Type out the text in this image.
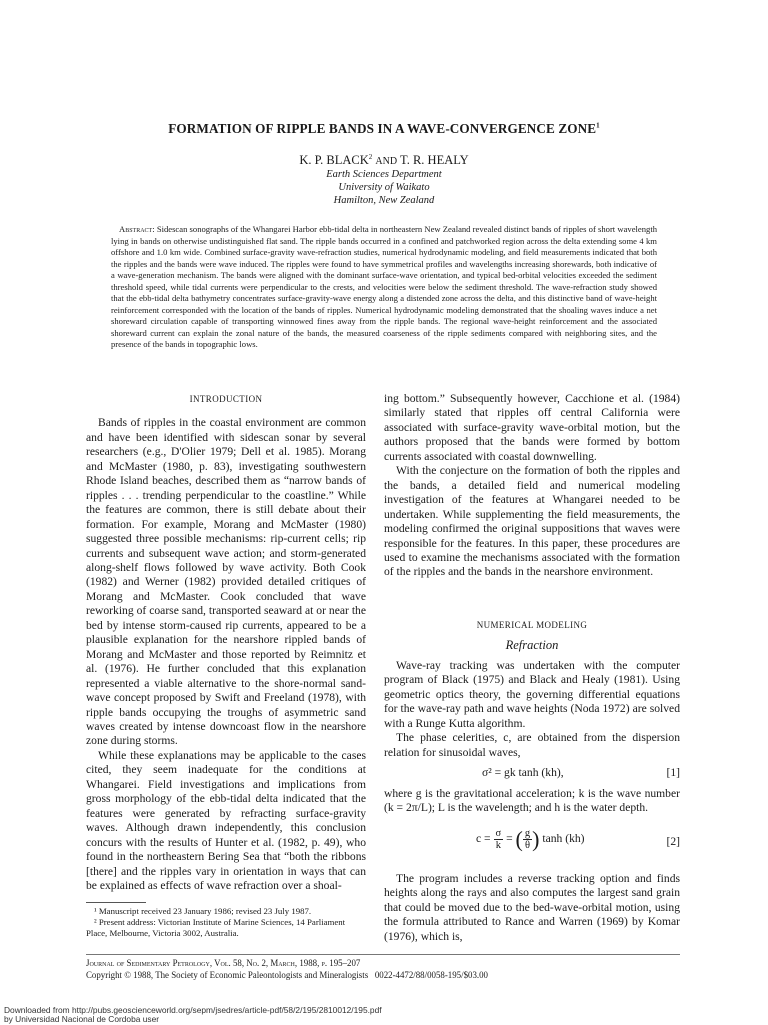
FORMATION OF RIPPLE BANDS IN A WAVE-CONVERGENCE ZONE$^1$
K. P. BLACK$^2$ AND T. R. HEALY
Earth Sciences Department
University of Waikato
Hamilton, New Zealand
Abstract: Sidescan sonographs of the Whangarei Harbor ebb-tidal delta in northeastern New Zealand revealed distinct bands of ripples of short wavelength lying in bands on otherwise undistinguished flat sand. The ripple bands occurred in a confined and patchworked region across the delta extending some 4 km offshore and 1.0 km wide. Combined surface-gravity wave-refraction studies, numerical hydrodynamic modeling, and field measurements indicated that both the ripples and the bands were wave induced. The ripples were found to have symmetrical profiles and wavelengths increasing shorewards, both indicative of a wave-generation mechanism. The bands were aligned with the dominant surface-wave orientation, and typical bed-orbital velocities exceeded the sediment threshold speed, while tidal currents were perpendicular to the crests, and velocities were below the sediment threshold. The wave-refraction study showed that the ebb-tidal delta bathymetry concentrates surface-gravity-wave energy along a distended zone across the delta, and this distinctive band of wave-height reinforcement corresponded with the location of the bands of ripples. Numerical hydrodynamic modeling demonstrated that the shoaling waves induce a net shoreward circulation capable of transporting winnowed fines away from the ripple bands. The regional wave-height reinforcement and the associated shoreward current can explain the zonal nature of the bands, the measured coarseness of the ripple sediments compared with neighboring sites, and the presence of the bands in topographic lows.
INTRODUCTION

Bands of ripples in the coastal environment are common and have been identified with sidescan sonar by several researchers (e.g., D'Olier 1979; Dell et al. 1985). Morang and McMaster (1980, p. 83), investigating southwestern Rhode Island beaches, described them as “narrow bands of ripples . . . trending perpendicular to the coastline.” While the features are common, there is still debate about their formation. For example, Morang and McMaster (1980) suggested three possible mechanisms: rip-current cells; rip currents and subsequent wave action; and storm-generated along-shelf flows followed by wave activity. Both Cook (1982) and Werner (1982) provided detailed critiques of Morang and McMaster. Cook concluded that wave reworking of coarse sand, transported seaward at or near the bed by intense storm-caused rip currents, appeared to be a plausible explanation for the nearshore rippled bands of Morang and McMaster and those reported by Reimnitz et al. (1976). He further concluded that this explanation represented a viable alternative to the shore-normal sand-wave concept proposed by Swift and Freeland (1978), with ripple bands occupying the troughs of asymmetric sand waves created by intense downcoast flow in the nearshore zone during storms.

While these explanations may be applicable to the cases cited, they seem inadequate for the conditions at Whangarei. Field investigations and implications from gross morphology of the ebb-tidal delta indicated that the features were generated by refracting surface-gravity waves. Although drawn independently, this conclusion concurs with the results of Hunter et al. (1982, p. 49), who found in the northeastern Bering Sea that “both the ribbons [there] and the ripples vary in orientation in ways that can be explained as effects of wave refraction over a shoal-

ing bottom.” Subsequently however, Cacchione et al. (1984) similarly stated that ripples off central California were associated with surface-gravity wave-orbital motion, but the authors proposed that the bands were formed by bottom currents associated with coastal downwelling.

With the conjecture on the formation of both the ripples and the bands, a detailed field and numerical modeling investigation of the features at Whangarei needed to be undertaken. While supplementing the field measurements, the modeling confirmed the original suppositions that waves were responsible for the features. In this paper, these procedures are used to examine the mechanisms associated with the formation of the ripples and the bands in the nearshore environment.

NUMERICAL MODELING
Refraction

Wave-ray tracking was undertaken with the computer program of Black (1975) and Black and Healy (1981). Using geometric optics theory, the governing differential equations for the wave-ray path and wave heights (Noda 1972) are solved with a Runge Kutta algorithm.

The phase celerities, c, are obtained from the dispersion relation for sinusoidal waves,

σ² = gk tanh (kh),	[1]

where g is the gravitational acceleration; k is the wave number (k = 2π/L); L is the wavelength; and h is the water depth.

$c = \frac{\sigma}{k}$ = ( $\frac{g}{\theta}$ ) tanh (kh)	[2]

The program includes a reverse tracking option and finds heights along the rays and also computes the largest sand grain that could be moved due to the bed-wave-orbital motion, using the formula attributed to Rance and Warren (1969) by Komar (1976), which is,

¹ Manuscript received 23 January 1986; revised 23 July 1987.
² Present address: Victorian Institute of Marine Sciences, 14 Parliament Place, Melbourne, Victoria 3002, Australia.
Journal of Sedimentary Petrology, Vol. 58, No. 2, March, 1988, p. 195–207
Copyright © 1988, The Society of Economic Paleontologists and Mineralogists 0022-4472/88/0058-195/$03.00
Downloaded from http://pubs.geoscienceworld.org/sepm/jsedres/article-pdf/58/2/195/2810012/195.pdf
by Universidad Nacional de Cordoba user
